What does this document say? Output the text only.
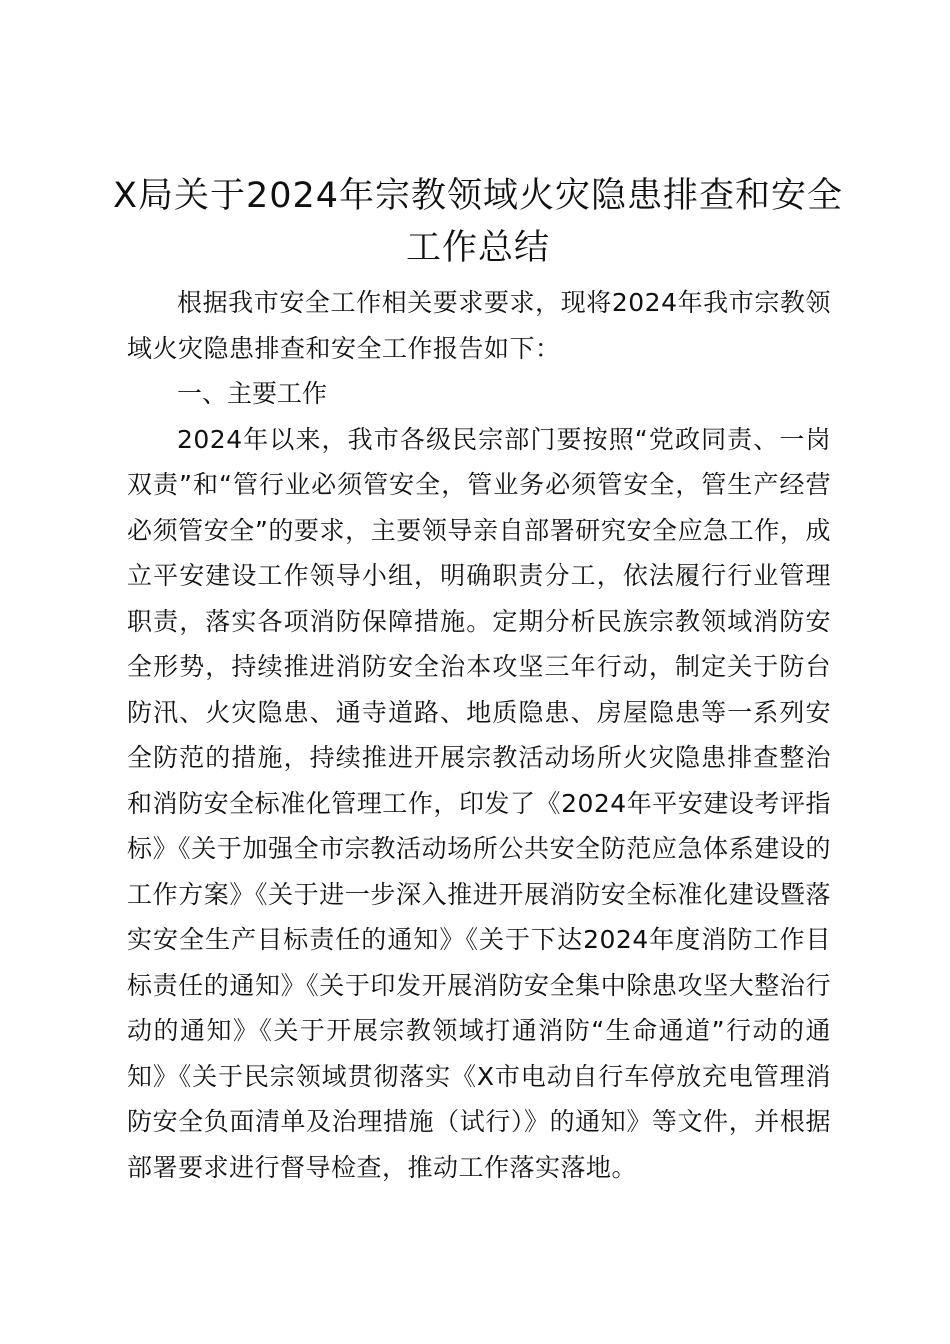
X局关于2024年宗教领域火灾隐患排查和安全工作总结

根据我市安全工作相关要求要求，现将2024年我市宗教领域火灾隐患排查和安全工作报告如下：

一、主要工作

2024年以来，我市各级民宗部门要按照“党政同责、一岗双责”和“管行业必须管安全，管业务必须管安全，管生产经营必须管安全”的要求，主要领导亲自部署研究安全应急工作，成立平安建设工作领导小组，明确职责分工，依法履行行业管理职责，落实各项消防保障措施。定期分析民族宗教领域消防安全形势，持续推进消防安全治本攻坚三年行动，制定关于防台防汛、火灾隐患、通寺道路、地质隐患、房屋隐患等一系列安全防范的措施，持续推进开展宗教活动场所火灾隐患排查整治和消防安全标准化管理工作，印发了《2024年平安建设考评指标》《关于加强全市宗教活动场所公共安全防范应急体系建设的工作方案》《关于进一步深入推进开展消防安全标准化建设暨落实安全生产目标责任的通知》《关于下达2024年度消防工作目标责任的通知》《关于印发开展消防安全集中除患攻坚大整治行动的通知》《关于开展宗教领域打通消防“生命通道”行动的通知》《关于民宗领域贯彻落实《X市电动自行车停放充电管理消防安全负面清单及治理措施（试行）》的通知》等文件，并根据部署要求进行督导检查，推动工作落实落地。
